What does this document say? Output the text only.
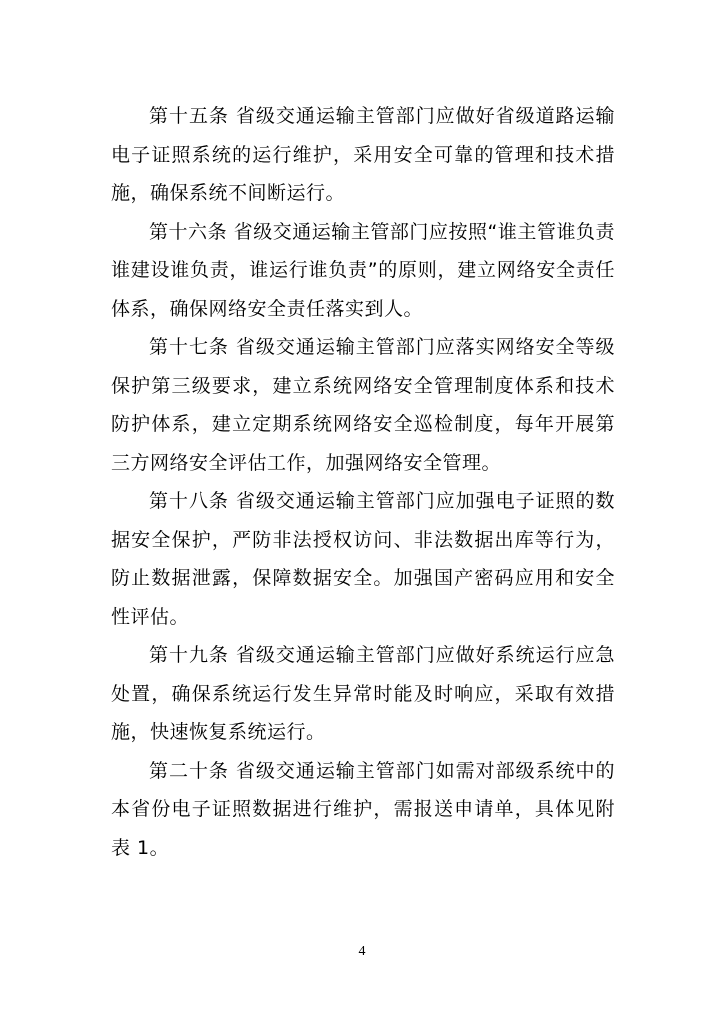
第十五条 省级交通运输主管部门应做好省级道路运输电子证照系统的运行维护，采用安全可靠的管理和技术措施，确保系统不间断运行。

第十六条 省级交通运输主管部门应按照“谁主管谁负责谁建设谁负责，谁运行谁负责”的原则，建立网络安全责任体系，确保网络安全责任落实到人。

第十七条 省级交通运输主管部门应落实网络安全等级保护第三级要求，建立系统网络安全管理制度体系和技术防护体系，建立定期系统网络安全巡检制度，每年开展第三方网络安全评估工作，加强网络安全管理。

第十八条 省级交通运输主管部门应加强电子证照的数据安全保护，严防非法授权访问、非法数据出库等行为，防止数据泄露，保障数据安全。加强国产密码应用和安全性评估。

第十九条 省级交通运输主管部门应做好系统运行应急处置，确保系统运行发生异常时能及时响应，采取有效措施，快速恢复系统运行。

第二十条 省级交通运输主管部门如需对部级系统中的本省份电子证照数据进行维护，需报送申请单，具体见附表 1。

4
